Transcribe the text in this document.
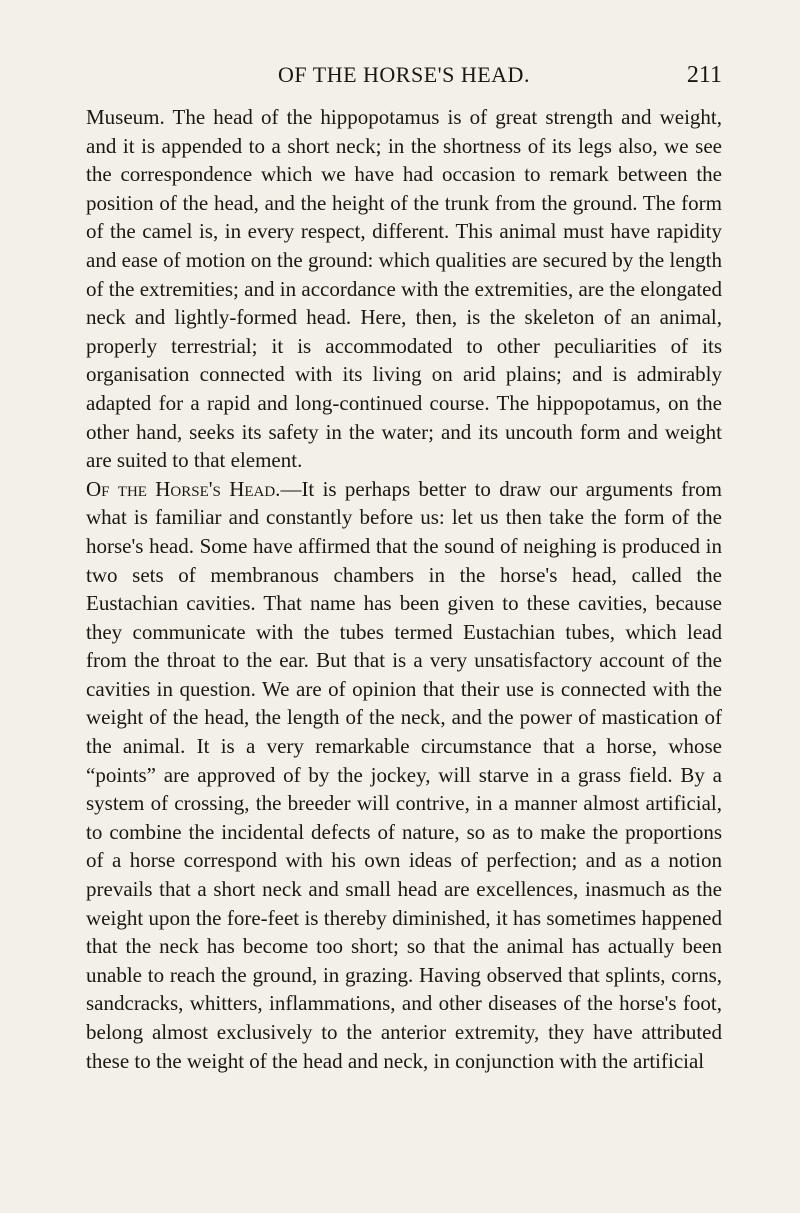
OF THE HORSE'S HEAD.	211

Museum. The head of the hippopotamus is of great strength and weight, and it is appended to a short neck; in the shortness of its legs also, we see the correspondence which we have had occasion to remark between the position of the head, and the height of the trunk from the ground. The form of the camel is, in every respect, different. This animal must have rapidity and ease of motion on the ground: which qualities are secured by the length of the extremities; and in accordance with the extremities, are the elongated neck and lightly-formed head. Here, then, is the skeleton of an animal, properly terrestrial; it is accommodated to other peculiarities of its organisation connected with its living on arid plains; and is admirably adapted for a rapid and long-continued course. The hippopotamus, on the other hand, seeks its safety in the water; and its uncouth form and weight are suited to that element.

Of the Horse's Head.—It is perhaps better to draw our arguments from what is familiar and constantly before us: let us then take the form of the horse's head. Some have affirmed that the sound of neighing is produced in two sets of membranous chambers in the horse's head, called the Eustachian cavities. That name has been given to these cavities, because they communicate with the tubes termed Eustachian tubes, which lead from the throat to the ear. But that is a very unsatisfactory account of the cavities in question. We are of opinion that their use is connected with the weight of the head, the length of the neck, and the power of mastication of the animal. It is a very remarkable circumstance that a horse, whose “points” are approved of by the jockey, will starve in a grass field. By a system of crossing, the breeder will contrive, in a manner almost artificial, to combine the incidental defects of nature, so as to make the proportions of a horse correspond with his own ideas of perfection; and as a notion prevails that a short neck and small head are excellences, inasmuch as the weight upon the fore-feet is thereby diminished, it has sometimes happened that the neck has become too short; so that the animal has actually been unable to reach the ground, in grazing. Having observed that splints, corns, sandcracks, whitters, inflammations, and other diseases of the horse's foot, belong almost exclusively to the anterior extremity, they have attributed these to the weight of the head and neck, in conjunction with the artificial
